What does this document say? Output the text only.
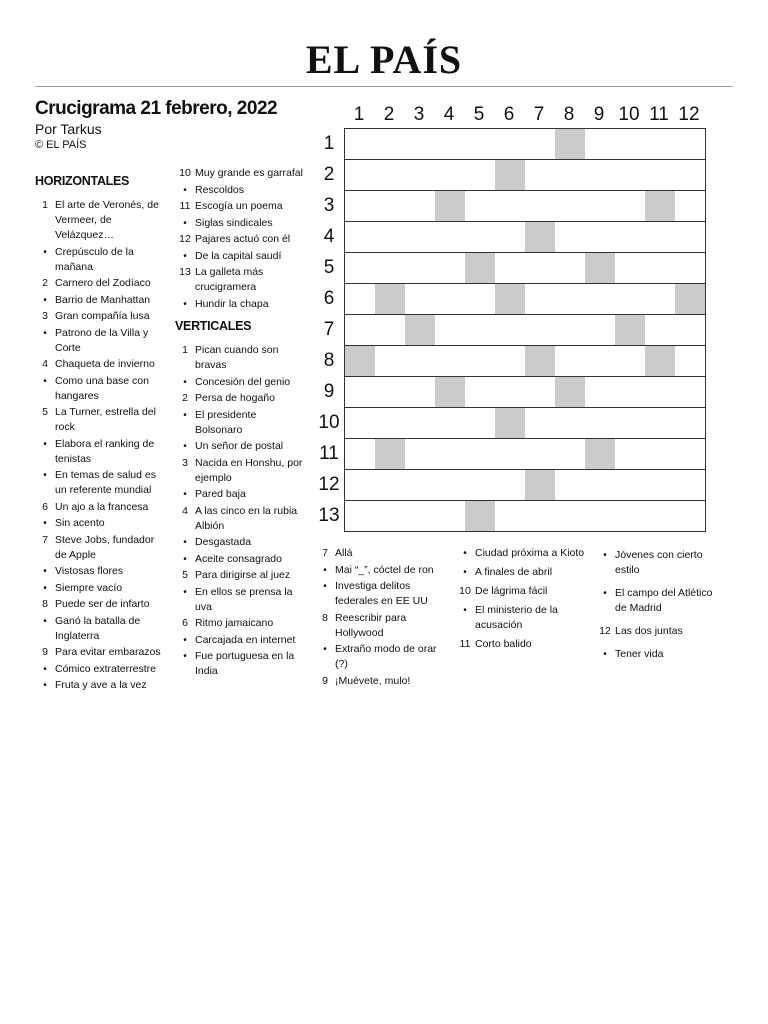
EL PAÍS
Crucigrama 21 febrero, 2022
Por Tarkus
© EL PAÍS
HORIZONTALES
VERTICALES
1 El arte de Veronés, de Vermeer, de Velázquez…
• Crepúsculo de la mañana
2 Carnero del Zodíaco
• Barrio de Manhattan
3 Gran compañía lusa
• Patrono de la Villa y Corte
4 Chaqueta de invierno
• Como una base con hangares
5 La Turner, estrella del rock
• Elabora el ranking de tenistas
• En temas de salud es un referente mundial
6 Un ajo a la francesa
• Sin acento
7 Steve Jobs, fundador de Apple
• Vistosas flores
• Siempre vacío
8 Puede ser de infarto
• Ganó la batalla de Inglaterra
9 Para evitar embarazos
• Cómico extraterrestre
• Fruta y ave a la vez
10 Muy grande es garrafal
• Rescoldos
11 Escogía un poema
• Siglas sindicales
12 Pajares actuó con él
• De la capital saudí
13 La galleta más crucigramera
• Hundir la chapa
1 Pican cuando son bravas
• Concesión del genio
2 Persa de hogaño
• El presidente Bolsonaro
• Un señor de postal
3 Nacida en Honshu, por ejemplo
• Pared baja
4 A las cinco en la rubia Albión
• Desgastada
• Aceite consagrado
5 Para dirigirse al juez
• En ellos se prensa la uva
6 Ritmo jamaicano
• Carcajada en internet
• Fue portuguesa en la India
7 Allá
• Mai “_”, cóctel de ron
• Investiga delitos federales en EE UU
8 Reescribir para Hollywood
• Extraño modo de orar (?)
9 ¡Muévete, mulo!
• Ciudad próxima a Kioto
• A finales de abril
10 De lágrima fácil
• El ministerio de la acusación
11 Corto balido
• Jóvenes con cierto estilo
• El campo del Atlético de Madrid
12 Las dos juntas
• Tener vida
1	2	3	4	5	6	7	8	9 10 11 12
1
2
3
4
5
6
7
8
9
10
11
12
13
